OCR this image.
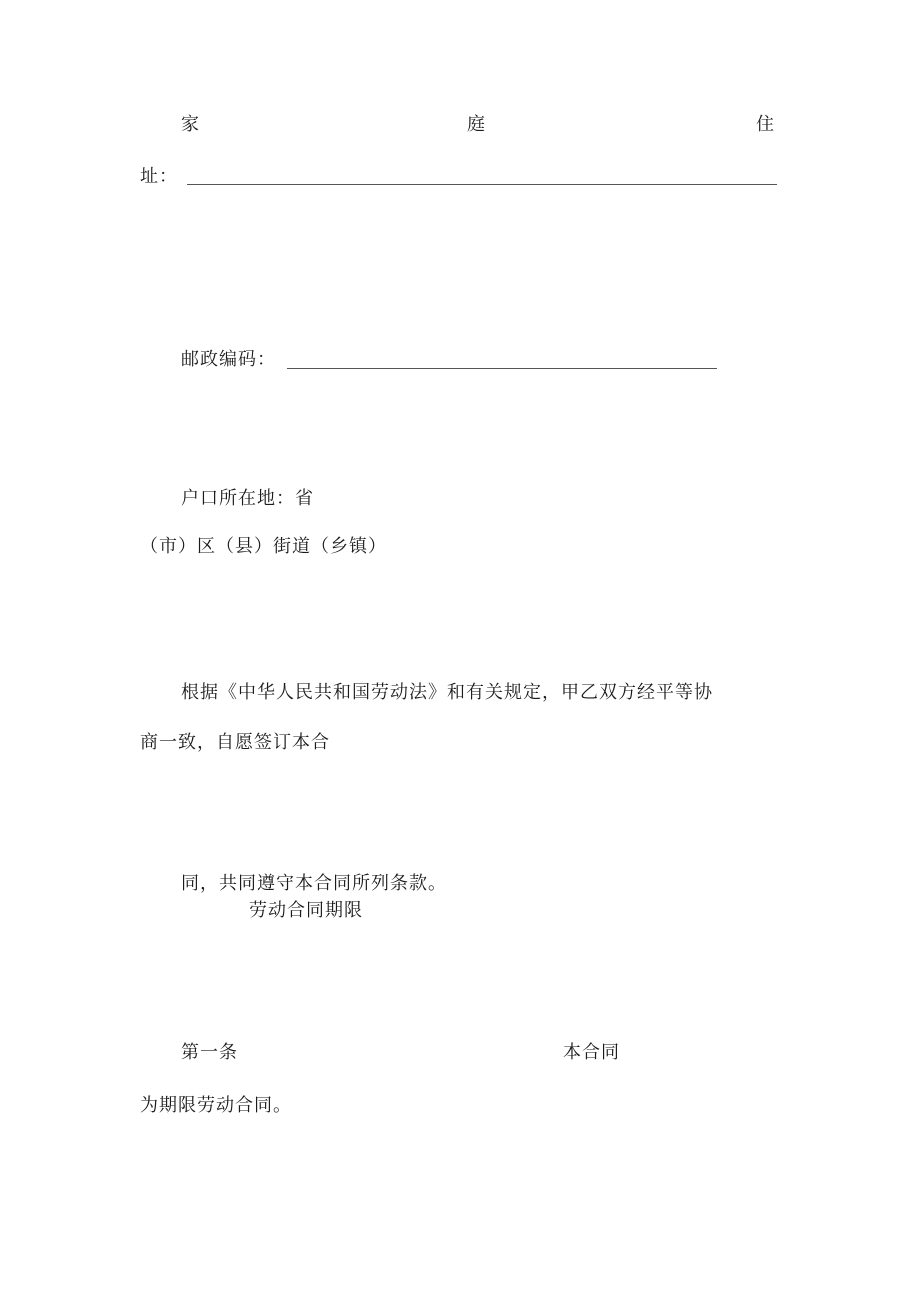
家	庭	住
址：
邮政编码：
户口所在地：省
（市）区（县）街道（乡镇）
根据《中华人民共和国劳动法》和有关规定，甲乙双方经平等协
商一致，自愿签订本合
同，共同遵守本合同所列条款。
劳动合同期限
第一条	本合同
为期限劳动合同。
